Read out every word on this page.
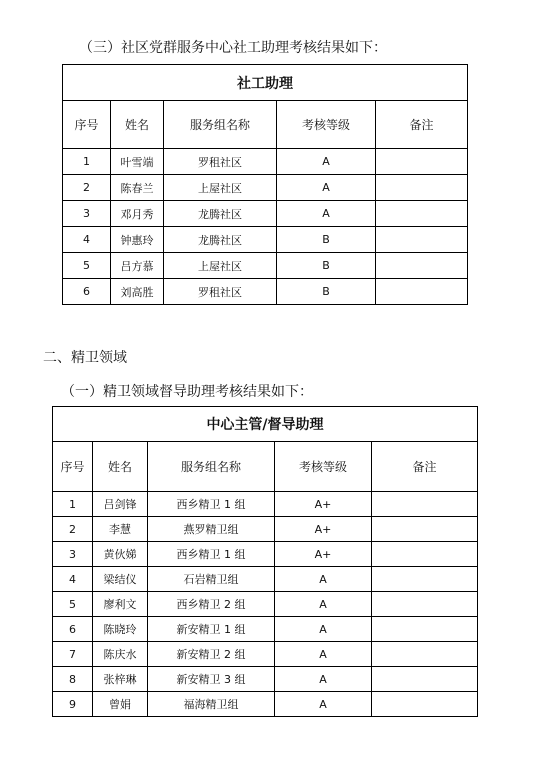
（三）社区党群服务中心社工助理考核结果如下：
社工助理				
序号	姓名	服务组名称	考核等级	备注
1	叶雪端	罗租社区	A	
2	陈春兰	上屋社区	A	
3	邓月秀	龙腾社区	A	
4	钟惠玲	龙腾社区	B	
5	吕方慕	上屋社区	B	
6	刘高胜	罗租社区	B	
二、精卫领域
（一）精卫领域督导助理考核结果如下：
中心主管/督导助理				
序号	姓名	服务组名称	考核等级	备注
1	吕剑锋	西乡精卫 1 组	A+	
2	李慧	燕罗精卫组	A+	
3	黄伙娣	西乡精卫 1 组	A+	
4	梁结仪	石岩精卫组	A	
5	廖利文	西乡精卫 2 组	A	
6	陈晓玲	新安精卫 1 组	A	
7	陈庆水	新安精卫 2 组	A	
8	张梓琳	新安精卫 3 组	A	
9	曾娟	福海精卫组	A	
